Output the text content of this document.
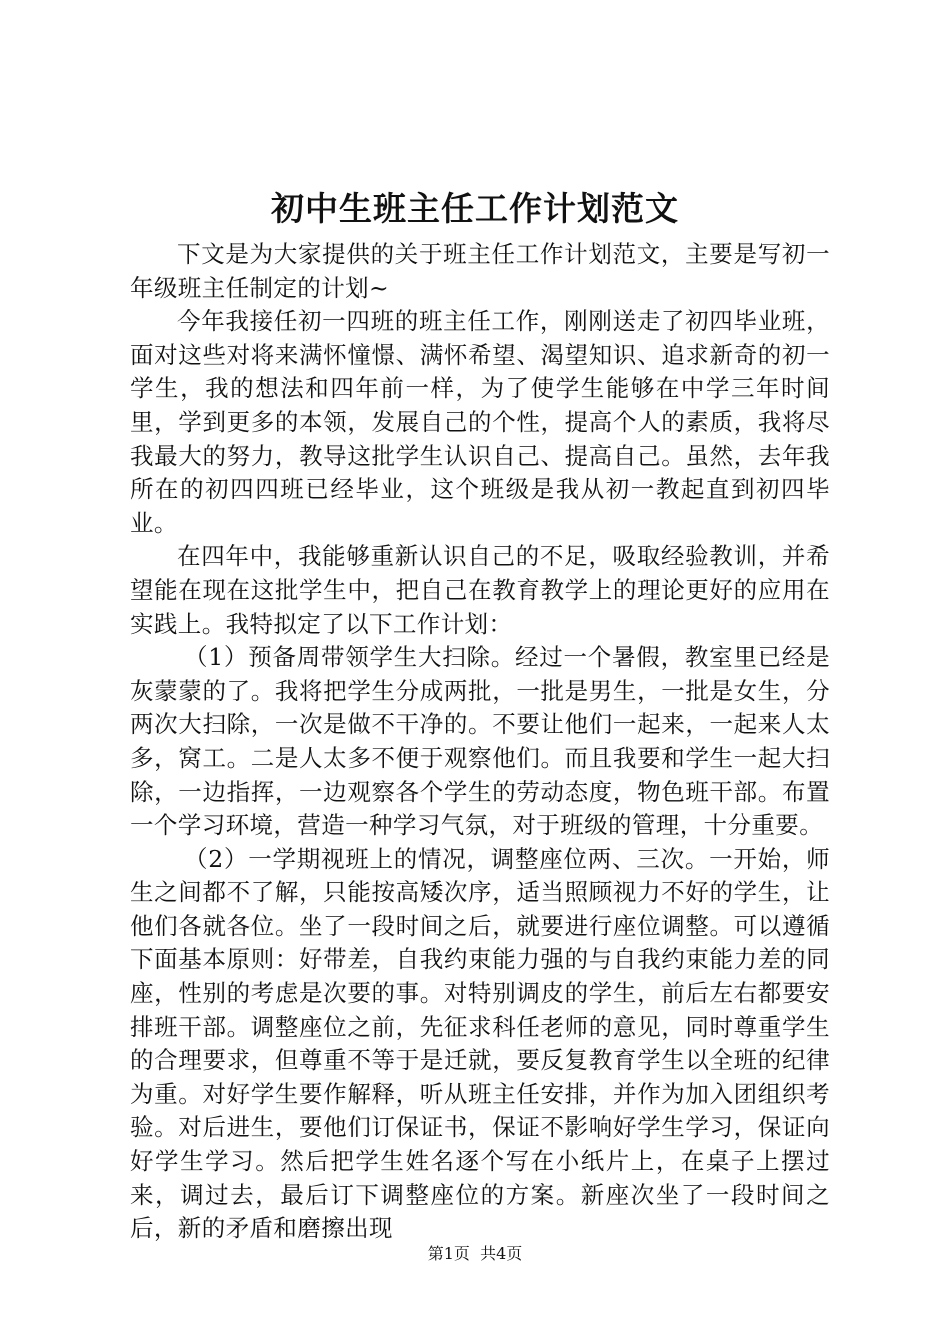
初中生班主任工作计划范文

下文是为大家提供的关于班主任工作计划范文，主要是写初一年级班主任制定的计划~

今年我接任初一四班的班主任工作，刚刚送走了初四毕业班，面对这些对将来满怀憧憬、满怀希望、渴望知识、追求新奇的初一学生，我的想法和四年前一样，为了使学生能够在中学三年时间里，学到更多的本领，发展自己的个性，提高个人的素质，我将尽我最大的努力，教导这批学生认识自己、提高自己。虽然，去年我所在的初四四班已经毕业，这个班级是我从初一教起直到初四毕业。

在四年中，我能够重新认识自己的不足，吸取经验教训，并希望能在现在这批学生中，把自己在教育教学上的理论更好的应用在实践上。我特拟定了以下工作计划：

（1）预备周带领学生大扫除。经过一个暑假，教室里已经是灰蒙蒙的了。我将把学生分成两批，一批是男生，一批是女生，分两次大扫除，一次是做不干净的。不要让他们一起来，一起来人太多，窝工。二是人太多不便于观察他们。而且我要和学生一起大扫除，一边指挥，一边观察各个学生的劳动态度，物色班干部。布置一个学习环境，营造一种学习气氛，对于班级的管理，十分重要。

（2）一学期视班上的情况，调整座位两、三次。一开始，师生之间都不了解，只能按高矮次序，适当照顾视力不好的学生，让他们各就各位。坐了一段时间之后，就要进行座位调整。可以遵循下面基本原则：好带差，自我约束能力强的与自我约束能力差的同座，性别的考虑是次要的事。对特别调皮的学生，前后左右都要安排班干部。调整座位之前，先征求科任老师的意见，同时尊重学生的合理要求，但尊重不等于是迁就，要反复教育学生以全班的纪律为重。对好学生要作解释，听从班主任安排，并作为加入团组织考验。对后进生，要他们订保证书，保证不影响好学生学习，保证向好学生学习。然后把学生姓名逐个写在小纸片上，在桌子上摆过来，调过去，最后订下调整座位的方案。新座次坐了一段时间之后，新的矛盾和磨擦出现

第1页 共4页
